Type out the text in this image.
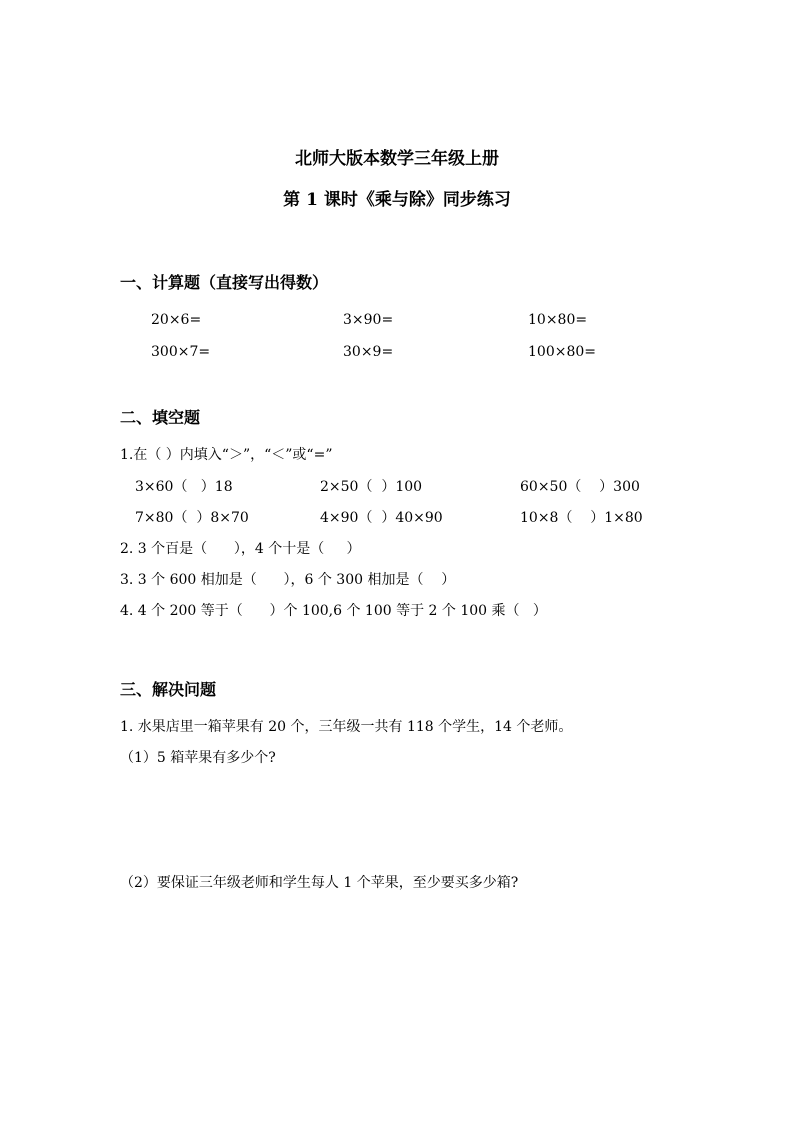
北师大版本数学三年级上册
第 1 课时《乘与除》同步练习
一、计算题（直接写出得数）
20×6=	3×90=	10×80=
300×7=	30×9=	100×80=
二、填空题
1.在（ ）内填入“＞”，“＜”或“=”
3×60（   ）18	2×50（  ）100	60×50（    ）300
7×80（  ）8×70	4×90（  ）40×90	10×8（    ）1×80
2. 3 个百是（      ），4 个十是（     ）
3. 3 个 600 相加是（      ），6 个 300 相加是（    ）
4. 4 个 200 等于（      ）个 100,6 个 100 等于 2 个 100 乘（   ）
三、解决问题
1. 水果店里一箱苹果有 20 个，三年级一共有 118 个学生，14 个老师。
（1）5 箱苹果有多少个?
（2）要保证三年级老师和学生每人 1 个苹果，至少要买多少箱?
